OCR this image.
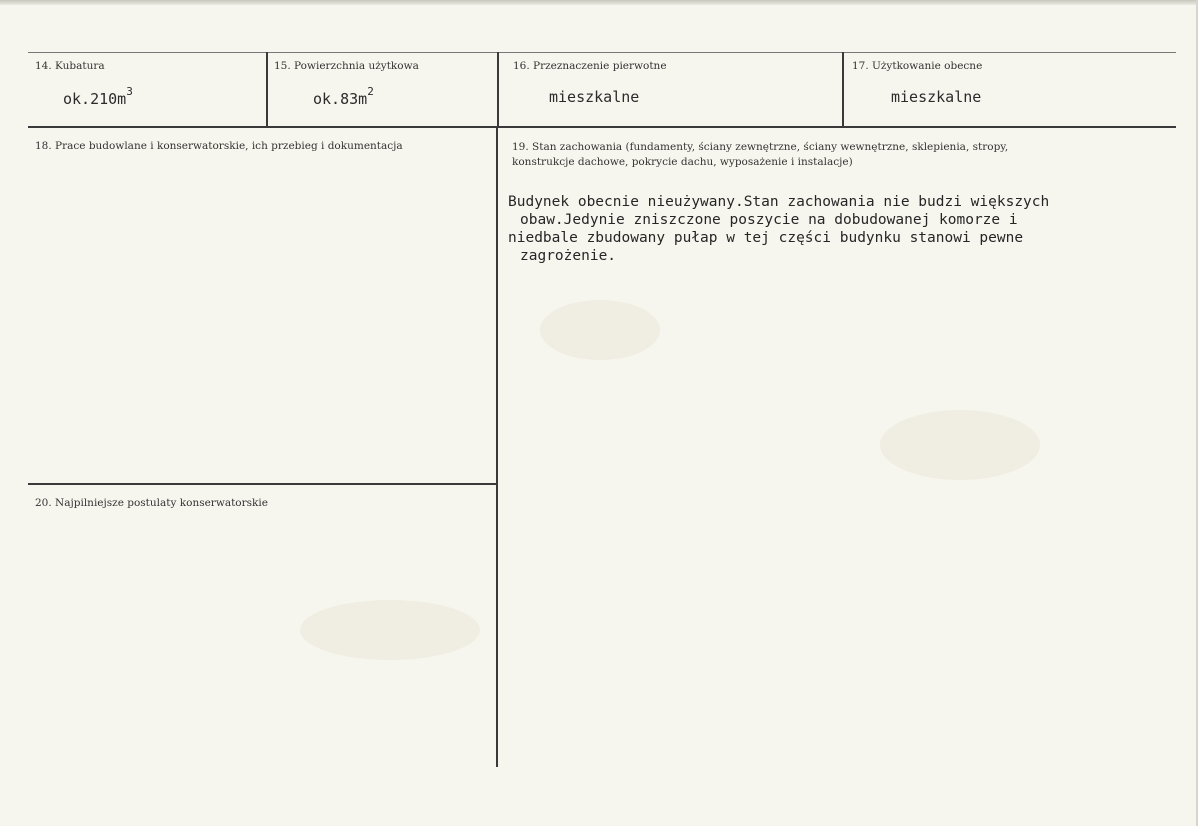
14. Kubatura
$ok.210m^3$
15. Powierzchnia użytkowa
$ok.83m^2$
16. Przeznaczenie pierwotne
mieszkalne
17. Użytkowanie obecne
mieszkalne
18. Prace budowlane i konserwatorskie, ich przebieg i dokumentacja	19. Stan zachowania (fundamenty, ściany zewnętrzne, ściany wewnętrzne, sklepienia, stropy,
konstrukcje dachowe, pokrycie dachu, wyposażenie i instalacje)
Budynek obecnie nieużywany.Stan zachowania nie budzi większych
obaw.Jedynie zniszczone poszycie na dobudowanej komorze i
niedbale zbudowany pułap w tej części budynku stanowi pewne
zagrożenie.
20. Najpilniejsze postulaty konserwatorskie
